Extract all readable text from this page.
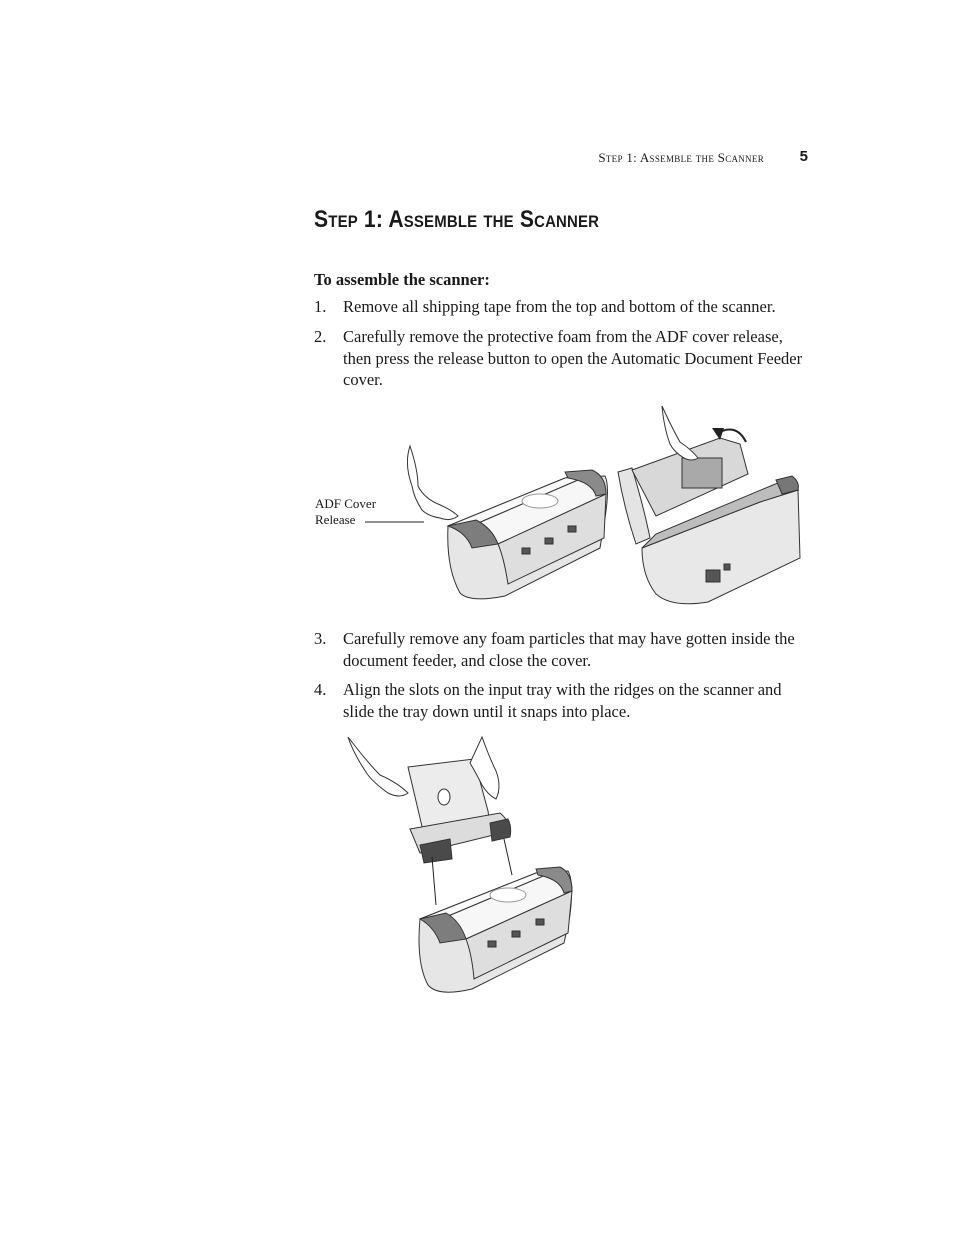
Step 1: Assemble the Scanner 5
Step 1: Assemble the Scanner
To assemble the scanner:
1. Remove all shipping tape from the top and bottom of the scanner.
2. Carefully remove the protective foam from the ADF cover release, then press the release button to open the Automatic Document Feeder cover.
ADF Cover
Release
3. Carefully remove any foam particles that may have gotten inside the document feeder, and close the cover.
4. Align the slots on the input tray with the ridges on the scanner and slide the tray down until it snaps into place.
